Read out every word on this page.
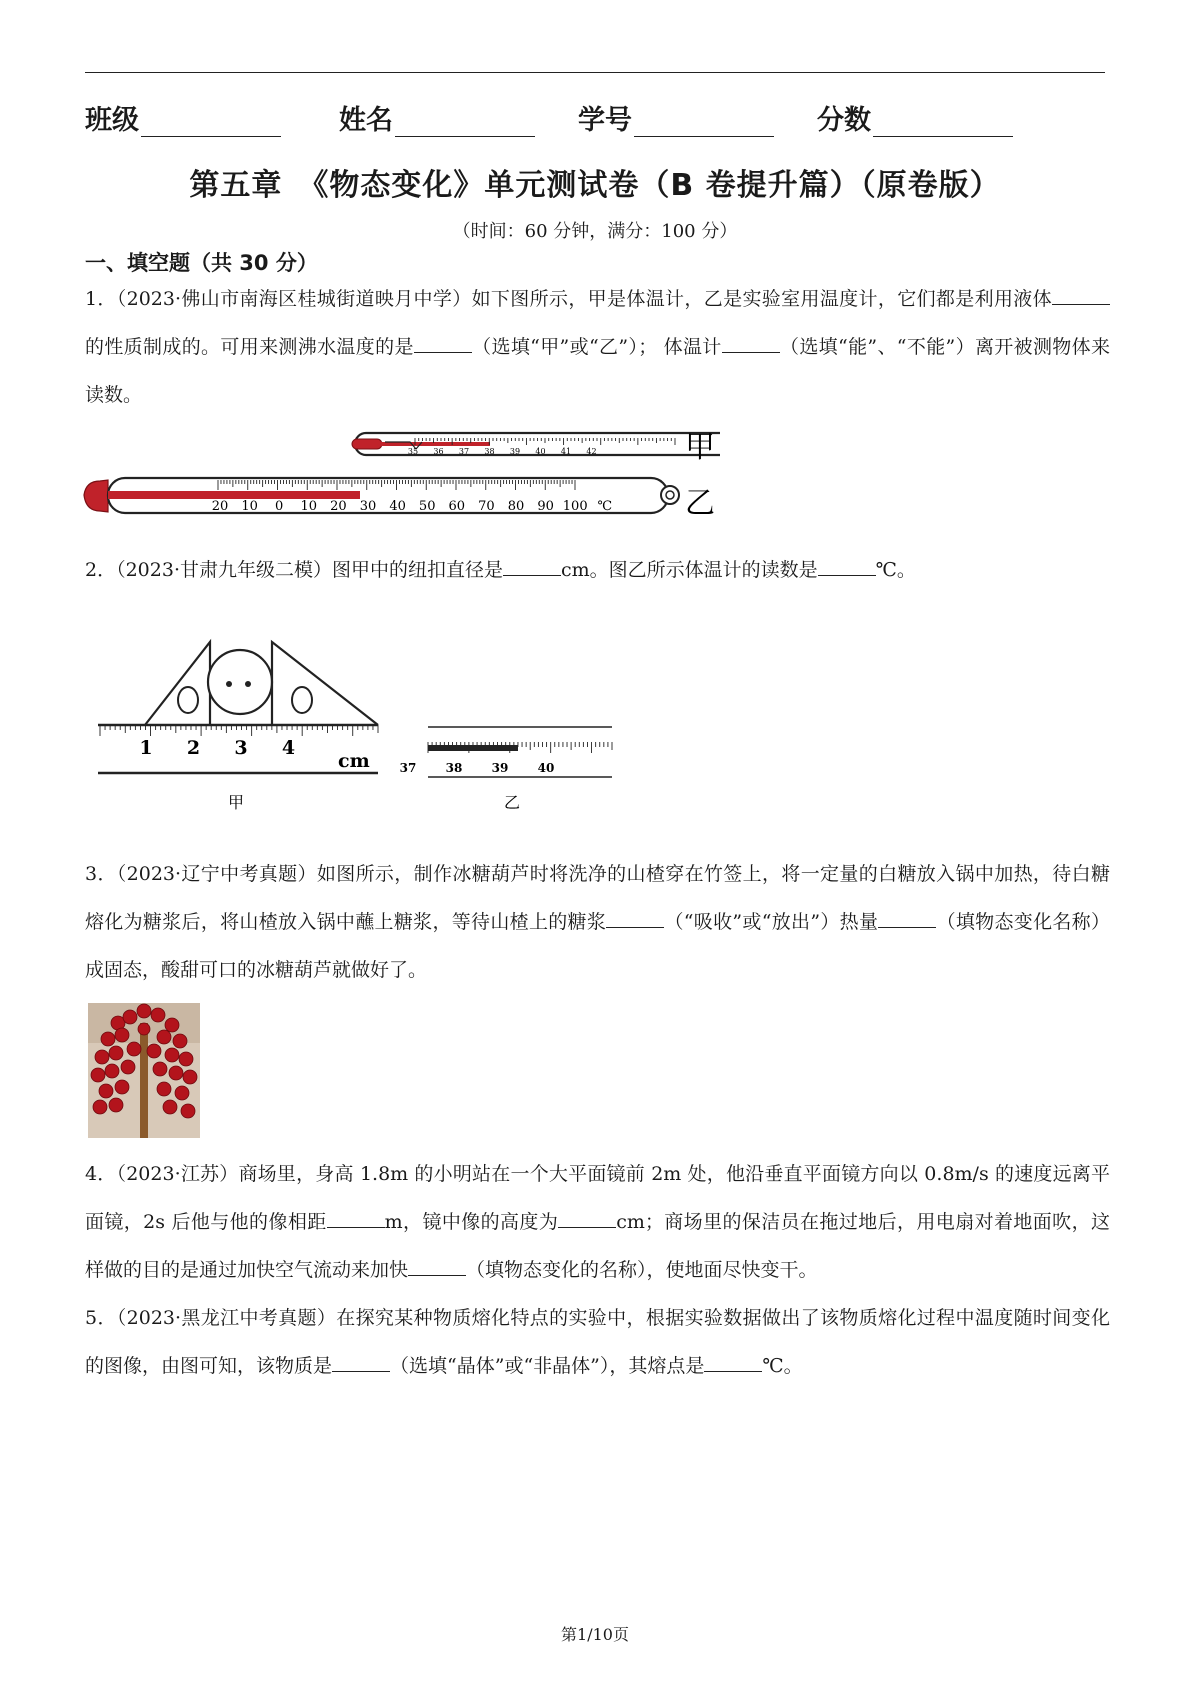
班级	姓名	学号	分数
第五章　《物态变化》单元测试卷（B 卷提升篇）（原卷版）
（时间：60 分钟，满分：100 分）
一、填空题（共 30 分）
1．（2023·佛山市南海区桂城街道映月中学）如下图所示，甲是体温计，乙是实验室用温度计，它们都是利用液体的性质制成的。可用来测沸水温度的是	（选填“甲”或“乙”）； 体温计	（选填“能”、“不能”）离开被测物体来读数。
35 36 37 38 39 40 41 42	甲
20 10 0 10 20 30 40 50 60 70 80 90 100 ℃ 乙
2．（2023·甘肃九年级二模）图甲中的纽扣直径是	cm。图乙所示体温计的读数是	℃。
1 2 3 4
cm
甲
37 38 39 40
乙
3．（2023·辽宁中考真题）如图所示，制作冰糖葫芦时将洗净的山楂穿在竹签上，将一定量的白糖放入锅中加热，待白糖熔化为糖浆后，将山楂放入锅中蘸上糖浆，等待山楂上的糖浆	（“吸收”或“放出”）热量	（填物态变化名称）成固态，酸甜可口的冰糖葫芦就做好了。
4．（2023·江苏）商场里，身高 1.8m 的小明站在一个大平面镜前 2m 处，他沿垂直平面镜方向以 0.8m/s 的速度远离平面镜，2s 后他与他的像相距	m，镜中像的高度为	cm；商场里的保洁员在拖过地后，用电扇对着地面吹，这样做的目的是通过加快空气流动来加快	（填物态变化的名称），使地面尽快变干。
5．（2023·黑龙江中考真题）在探究某种物质熔化特点的实验中，根据实验数据做出了该物质熔化过程中温度随时间变化的图像，由图可知，该物质是	（选填“晶体”或“非晶体”），其熔点是	℃。
第1/10页
